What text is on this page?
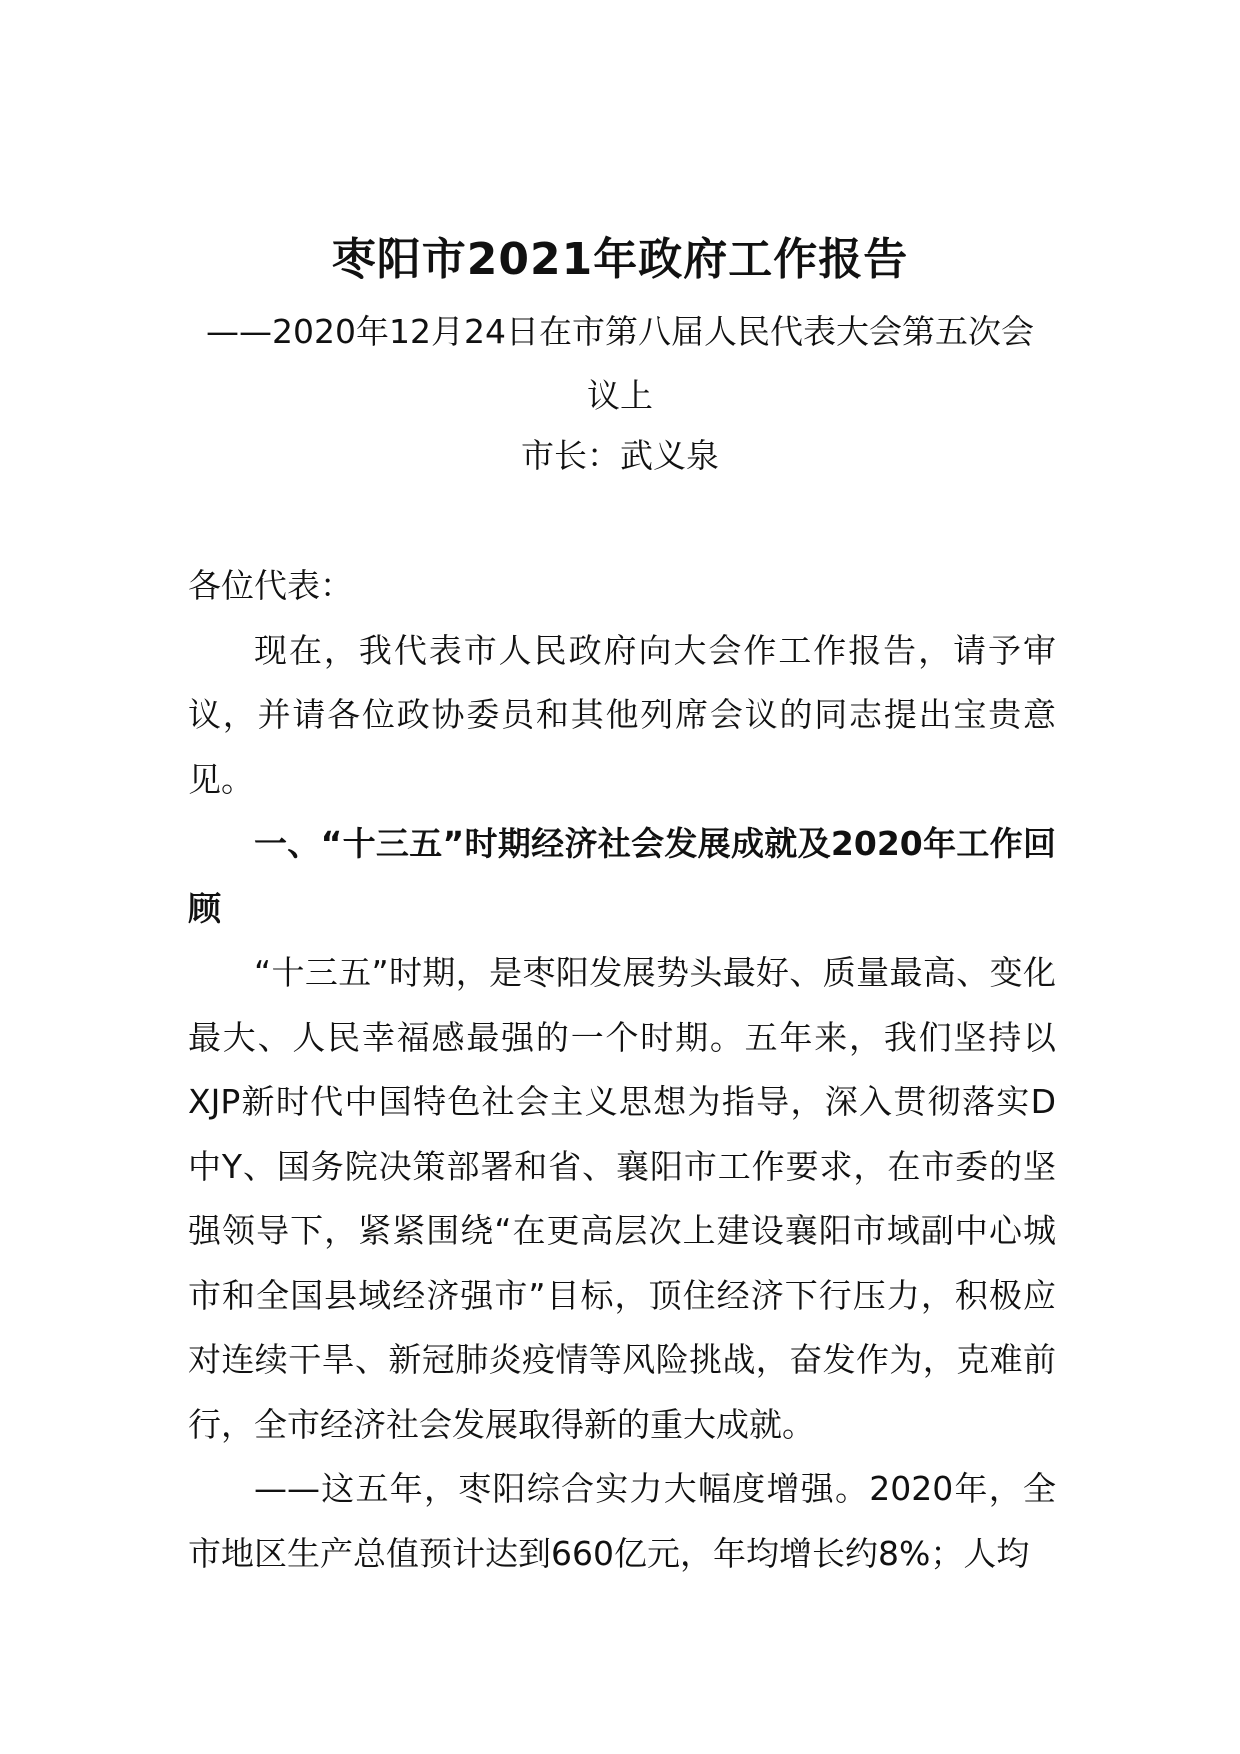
枣阳市2021年政府工作报告
——2020年12月24日在市第八届人民代表大会第五次会议上
市长：武义泉

各位代表：

现在，我代表市人民政府向大会作工作报告，请予审议，并请各位政协委员和其他列席会议的同志提出宝贵意见。

一、“十三五”时期经济社会发展成就及2020年工作回顾

“十三五”时期，是枣阳发展势头最好、质量最高、变化最大、人民幸福感最强的一个时期。五年来，我们坚持以XJP新时代中国特色社会主义思想为指导，深入贯彻落实D中Y、国务院决策部署和省、襄阳市工作要求，在市委的坚强领导下，紧紧围绕“在更高层次上建设襄阳市域副中心城市和全国县域经济强市”目标，顶住经济下行压力，积极应对连续干旱、新冠肺炎疫情等风险挑战，奋发作为，克难前行，全市经济社会发展取得新的重大成就。

——这五年，枣阳综合实力大幅度增强。2020年，全市地区生产总值预计达到660亿元，年均增长约8%；人均
